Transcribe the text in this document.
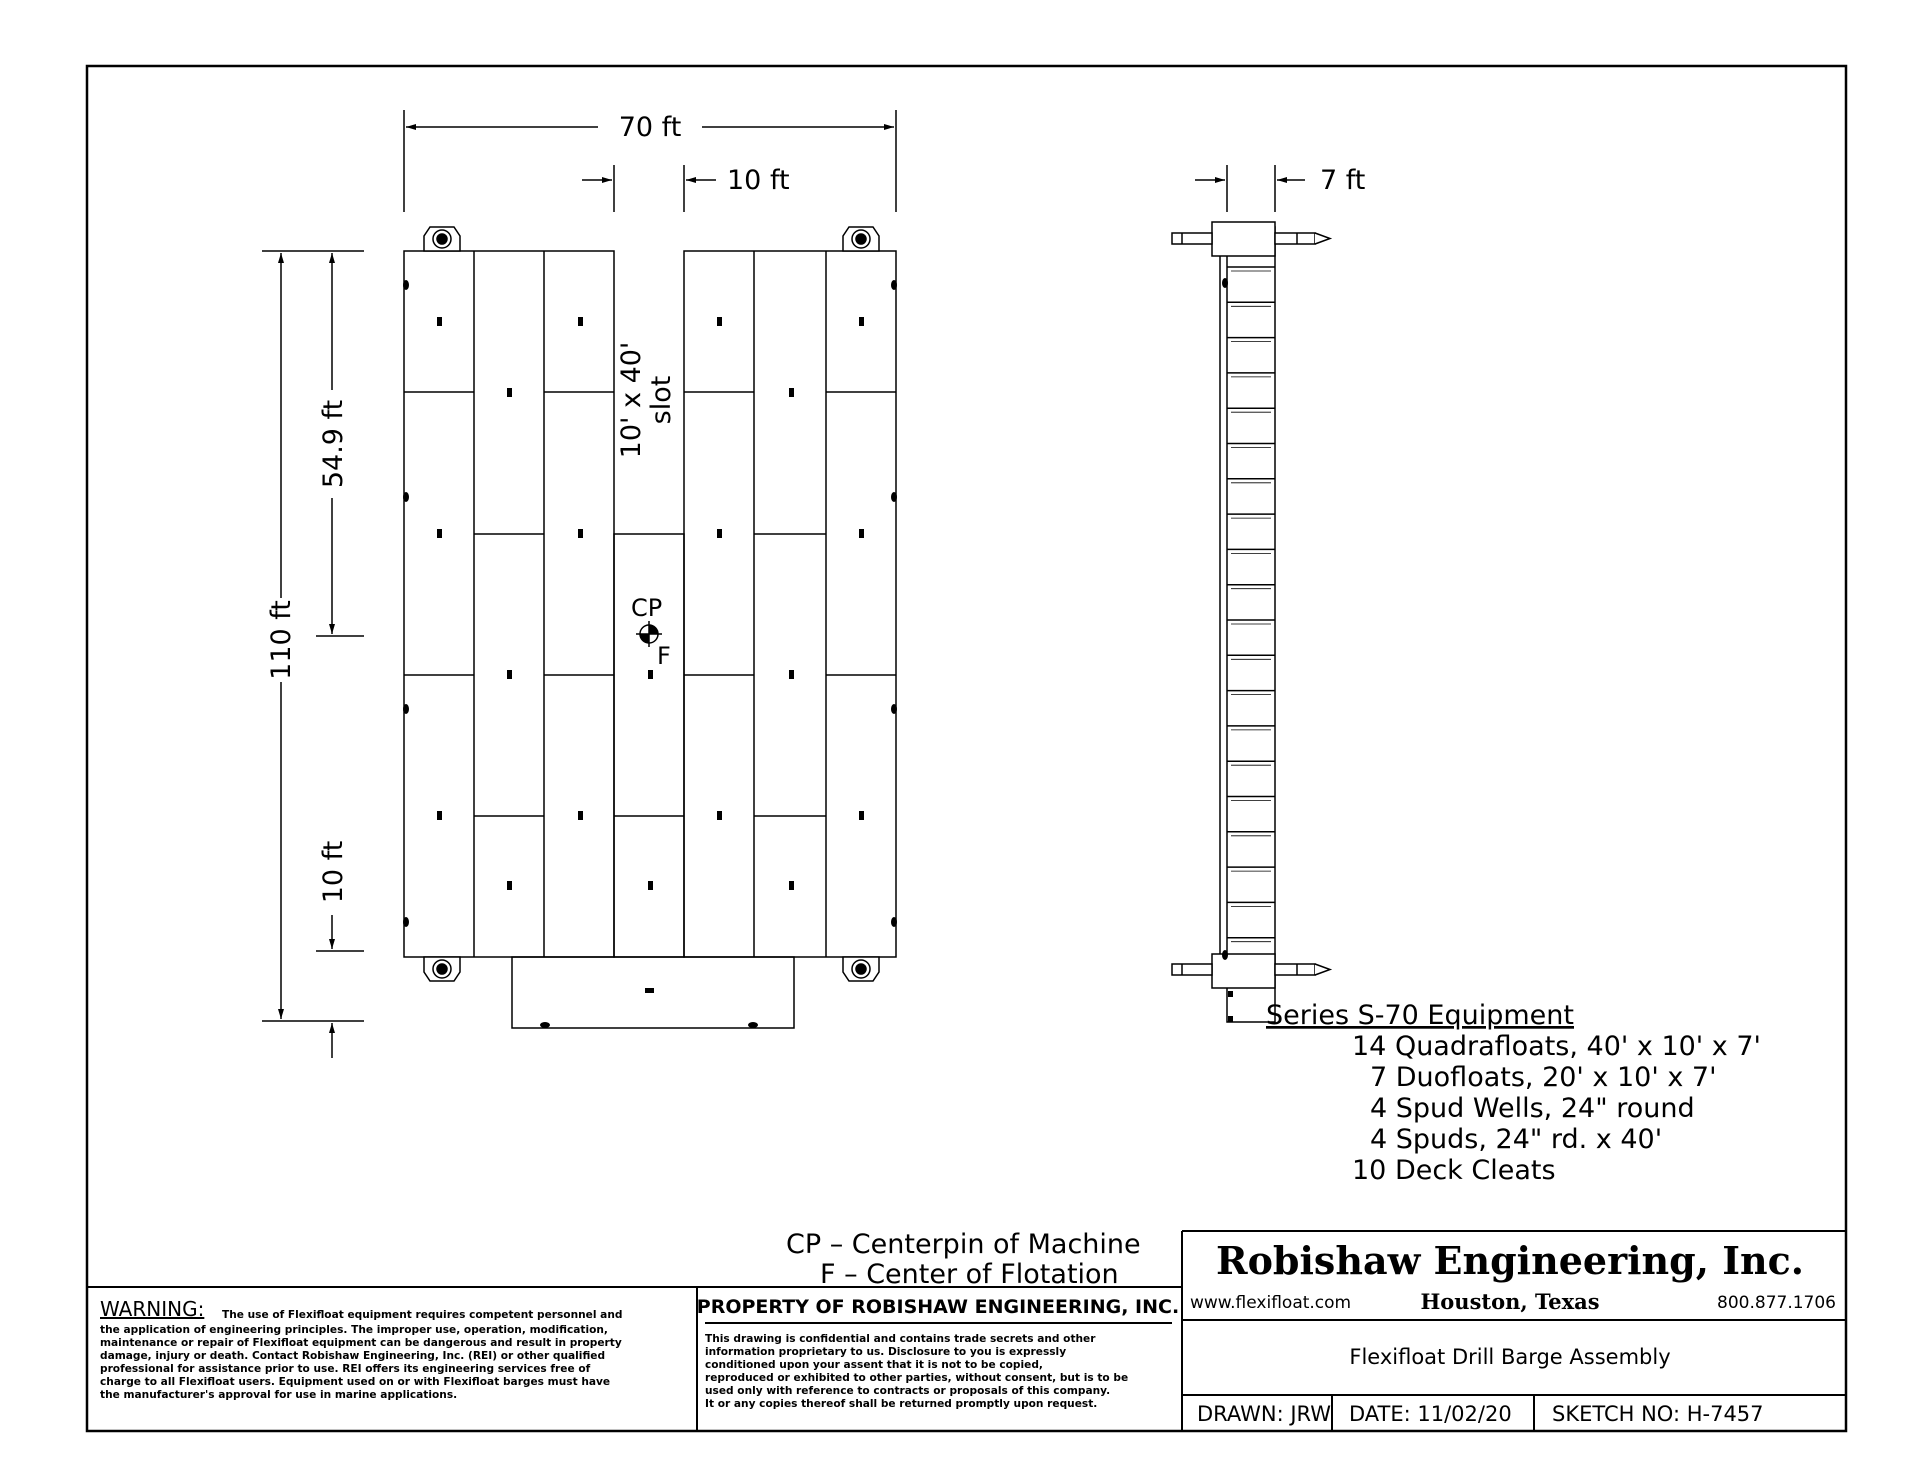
CP
F
10' x 40' slot
70 ft
10 ft
110 ft
54.9 ft
10 ft
7 ft
Series S-70 Equipment
14 Quadrafloats, 40' x 10' x 7'
7 Duofloats, 20' x 10' x 7'
4 Spud Wells, 24" round
4 Spuds, 24" rd. x 40'
10 Deck Cleats
CP – Centerpin of Machine
F – Center of Flotation
WARNING: The use of Flexifloat equipment requires competent personnel and
the application of engineering principles. The improper use, operation, modification,
maintenance or repair of Flexifloat equipment can be dangerous and result in property
damage, injury or death. Contact Robishaw Engineering, Inc. (REI) or other qualified
professional for assistance prior to use. REI offers its engineering services free of
charge to all Flexifloat users. Equipment used on or with Flexifloat barges must have
the manufacturer's approval for use in marine applications.
PROPERTY OF ROBISHAW ENGINEERING, INC.
This drawing is confidential and contains trade secrets and other
information proprietary to us. Disclosure to you is expressly
conditioned upon your assent that it is not to be copied,
reproduced or exhibited to other parties, without consent, but is to be
used only with reference to contracts or proposals of this company.
It or any copies thereof shall be returned promptly upon request.
Robishaw Engineering, Inc.
www.flexifloat.com	Houston, Texas	800.877.1706
Flexifloat Drill Barge Assembly
DRAWN: JRW DATE: 11/02/20 SKETCH NO: H-7457
